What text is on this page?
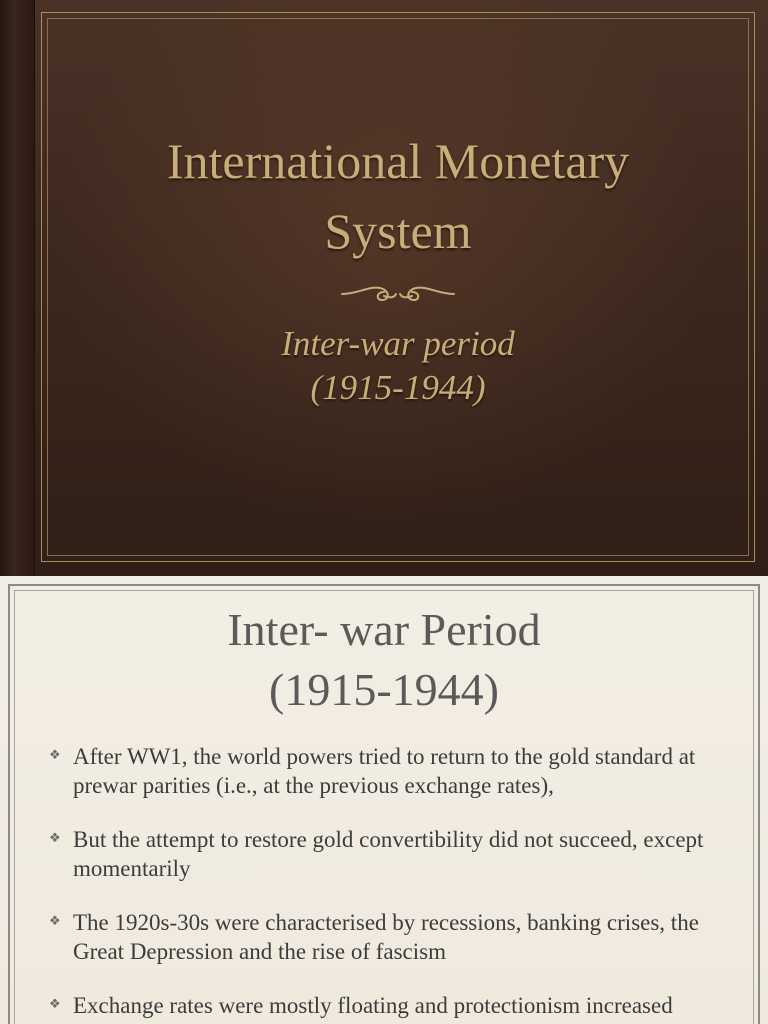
International Monetary
System
Inter-war period
(1915-1944)
Inter- war Period
(1915-1944)
❖ After WW1, the world powers tried to return to the gold standard at prewar parities (i.e., at the previous exchange rates),
❖ But the attempt to restore gold convertibility did not succeed, except momentarily
❖ The 1920s-30s were characterised by recessions, banking crises, the Great Depression and the rise of fascism
❖ Exchange rates were mostly floating and protectionism increased
